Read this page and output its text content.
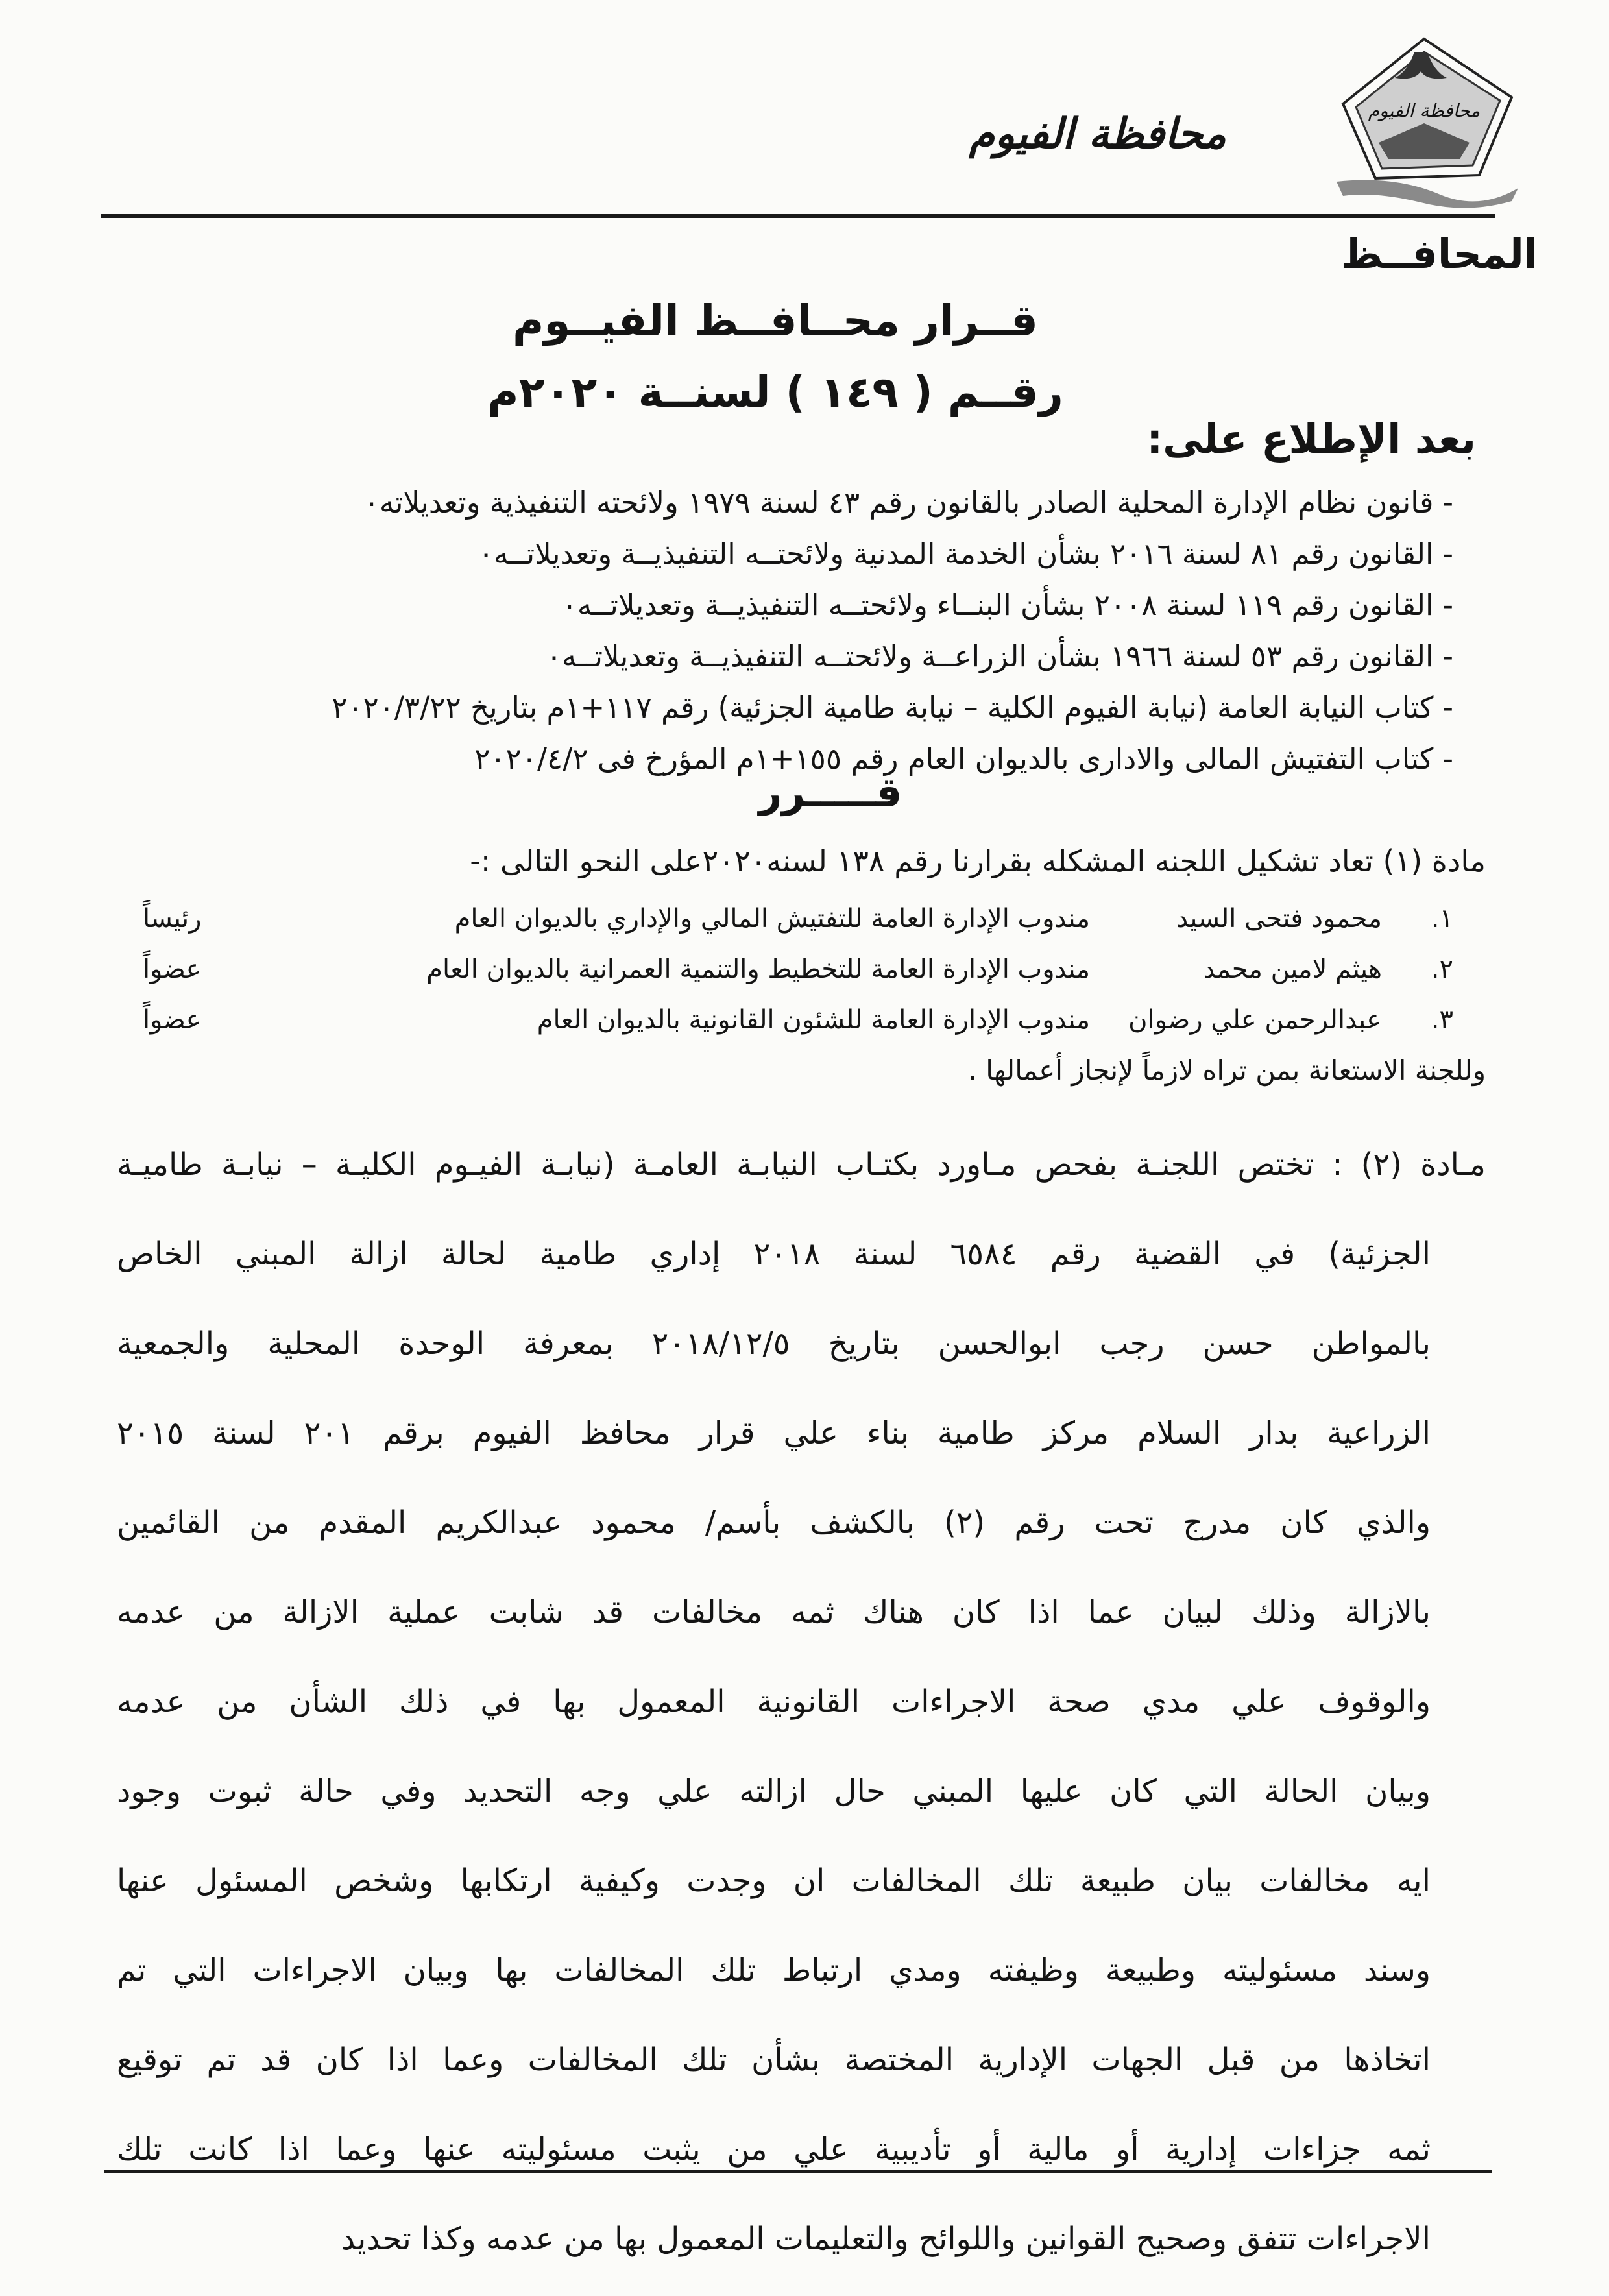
محافظة الفيوم
محافظة الفيوم
المحافــظ
قــرار محــافــظ الفيــوم
رقــم ( ١٤٩ ) لسنــة ٢٠٢٠م
بعد الإطلاع على:
- قانون نظام الإدارة المحلية الصادر بالقانون رقم ٤٣ لسنة ١٩٧٩ ولائحته التنفيذية وتعديلاته٠
- القانون رقم ٨١ لسنة ٢٠١٦ بشأن الخدمة المدنية ولائحتــه التنفيذيــة وتعديلاتــه٠
- القانون رقم ١١٩ لسنة ٢٠٠٨ بشأن البنــاء ولائحتــه التنفيذيــة وتعديلاتــه٠
- القانون رقم ٥٣ لسنة ١٩٦٦ بشأن الزراعــة ولائحتــه التنفيذيــة وتعديلاتــه٠
- كتاب النيابة العامة (نيابة الفيوم الكلية – نيابة طامية الجزئية) رقم ١١٧+١م بتاريخ ٢٠٢٠/٣/٢٢
- كتاب التفتيش المالى والادارى بالديوان العام رقم ١٥٥+١م المؤرخ فى ٢٠٢٠/٤/٢
قـــــرر
مادة (١) تعاد تشكيل اللجنه المشكله بقرارنا رقم ١٣٨ لسنه٢٠٢٠على النحو التالى :-
١.
محمود فتحى السيد
مندوب الإدارة العامة للتفتيش المالي والإداري بالديوان العام
رئيساً
٢.
هيثم لامين محمد
مندوب الإدارة العامة للتخطيط والتنمية العمرانية بالديوان العام
عضواً
٣.
عبدالرحمن علي رضوان
مندوب الإدارة العامة للشئون القانونية بالديوان العام
عضواً
وللجنة الاستعانة بمن تراه لازماً لإنجاز أعمالها .
مـادة (٢) : تختص اللجنـة بفحص مـاورد بكتـاب النيابـة العامـة (نيابـة الفيـوم الكليـة – نيابـة طاميـة
الجزئية) في القضية رقم ٦٥٨٤ لسنة ٢٠١٨ إداري طامية لحالة ازالة المبني الخاص
بالمواطن حسن رجب ابوالحسن بتاريخ ٢٠١٨/١٢/٥ بمعرفة الوحدة المحلية والجمعية
الزراعية بدار السلام مركز طامية بناء علي قرار محافظ الفيوم برقم ٢٠١ لسنة ٢٠١٥
والذي كان مدرج تحت رقم (٢) بالكشف بأسم/ محمود عبدالكريم المقدم من القائمين
بالازالة وذلك لبيان عما اذا كان هناك ثمه مخالفات قد شابت عملية الازالة من عدمه
والوقوف علي مدي صحة الاجراءات القانونية المعمول بها في ذلك الشأن من عدمه
وبيان الحالة التي كان عليها المبني حال ازالته علي وجه التحديد وفي حالة ثبوت وجود
ايه مخالفات بيان طبيعة تلك المخالفات ان وجدت وكيفية ارتكابها وشخص المسئول عنها
وسند مسئوليته وطبيعة وظيفته ومدي ارتباط تلك المخالفات بها وبيان الاجراءات التي تم
اتخاذها من قبل الجهات الإدارية المختصة بشأن تلك المخالفات وعما اذا كان قد تم توقيع
ثمه جزاءات إدارية أو مالية أو تأديبية علي من يثبت مسئوليته عنها وعما اذا كانت تلك
الاجراءات تتفق وصحيح القوانين واللوائح والتعليمات المعمول بها من عدمه وكذا تحديد
